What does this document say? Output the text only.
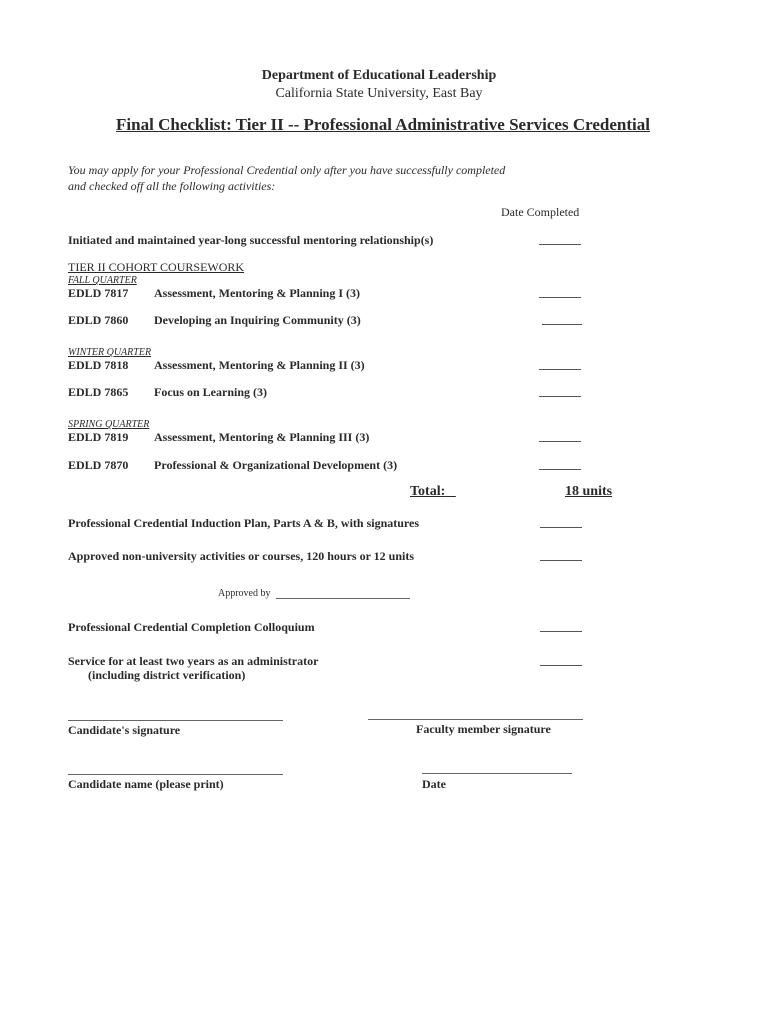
Department of Educational Leadership
California State University, East Bay
Final Checklist: Tier II -- Professional Administrative Services Credential
You may apply for your Professional Credential only after you have successfully completed
and checked off all the following activities:
Date Completed
Initiated and maintained year-long successful mentoring relationship(s)
TIER II COHORT COURSEWORK
FALL QUARTER
EDLD 7817 Assessment, Mentoring & Planning I (3)
EDLD 7860 Developing an Inquiring Community (3)
WINTER QUARTER
EDLD 7818 Assessment, Mentoring & Planning II (3)
EDLD 7865 Focus on Learning (3)
SPRING QUARTER
EDLD 7819 Assessment, Mentoring & Planning III (3)
EDLD 7870 Professional & Organizational Development (3)
Total:	18 units
Professional Credential Induction Plan, Parts A & B, with signatures
Approved non-university activities or courses, 120 hours or 12 units
Approved by
Professional Credential Completion Colloquium
Service for at least two years as an administrator
(including district verification)
Candidate's signature	Faculty member signature
Candidate name (please print)	Date
